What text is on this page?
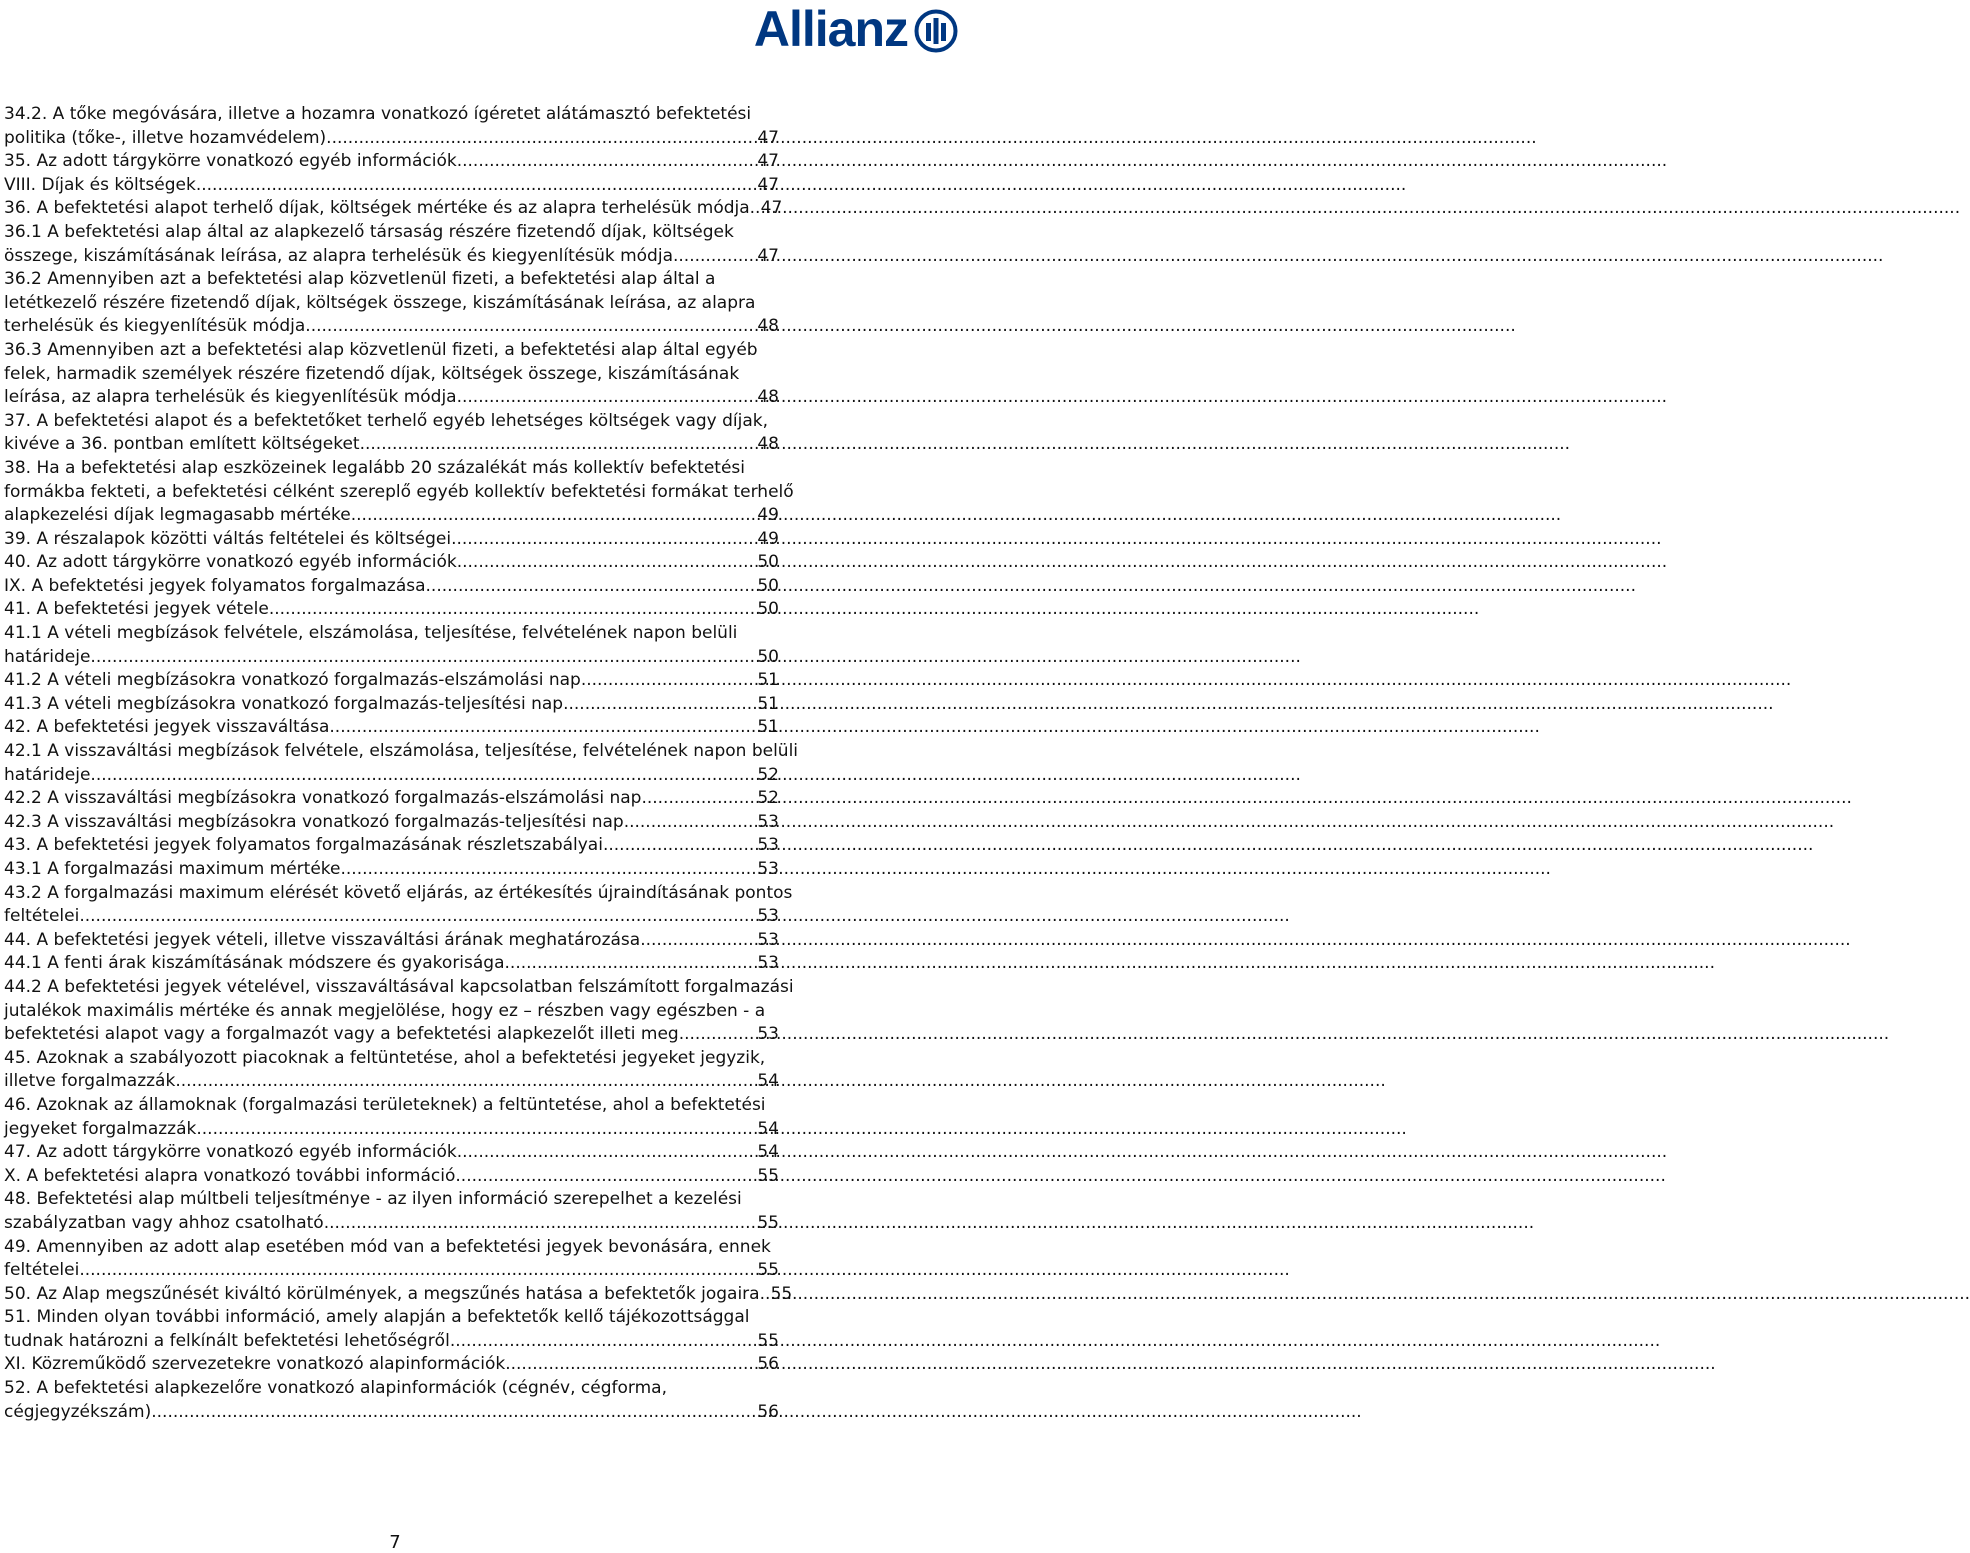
Allianz
34.2. A tőke megóvására, illetve a hozamra vonatkozó ígéretet alátámasztó befektetési
politika (tőke-, illetve hozamvédelem) .....	47
35. Az adott tárgykörre vonatkozó egyéb információk .....	47
VIII. Díjak és költségek .....	47
36. A befektetési alapot terhelő díjak, költségek mértéke és az alapra terhelésük módja ..... 47
36.1 A befektetési alap által az alapkezelő társaság részére fizetendő díjak, költségek
összege, kiszámításának leírása, az alapra terhelésük és kiegyenlítésük módja .....	47
36.2 Amennyiben azt a befektetési alap közvetlenül fizeti, a befektetési alap által a
letétkezelő részére fizetendő díjak, költségek összege, kiszámításának leírása, az alapra
terhelésük és kiegyenlítésük módja .....	48
36.3 Amennyiben azt a befektetési alap közvetlenül fizeti, a befektetési alap által egyéb
felek, harmadik személyek részére fizetendő díjak, költségek összege, kiszámításának
leírása, az alapra terhelésük és kiegyenlítésük módja .....	48
37. A befektetési alapot és a befektetőket terhelő egyéb lehetséges költségek vagy díjak,
kivéve a 36. pontban említett költségeket .....	48
38. Ha a befektetési alap eszközeinek legalább 20 százalékát más kollektív befektetési
formákba fekteti, a befektetési célként szereplő egyéb kollektív befektetési formákat terhelő
alapkezelési díjak legmagasabb mértéke .....	49
39. A részalapok közötti váltás feltételei és költségei .....	49
40. Az adott tárgykörre vonatkozó egyéb információk .....	50
IX. A befektetési jegyek folyamatos forgalmazása .....	50
41. A befektetési jegyek vétele .....	50
41.1 A vételi megbízások felvétele, elszámolása, teljesítése, felvételének napon belüli
határideje .....	50
41.2 A vételi megbízásokra vonatkozó forgalmazás-elszámolási nap .....	51
41.3 A vételi megbízásokra vonatkozó forgalmazás-teljesítési nap .....	51
42. A befektetési jegyek visszaváltása .....	51
42.1 A visszaváltási megbízások felvétele, elszámolása, teljesítése, felvételének napon belüli
határideje .....	52
42.2 A visszaváltási megbízásokra vonatkozó forgalmazás-elszámolási nap .....	52
42.3 A visszaváltási megbízásokra vonatkozó forgalmazás-teljesítési nap .....	53
43. A befektetési jegyek folyamatos forgalmazásának részletszabályai .....	53
43.1 A forgalmazási maximum mértéke .....	53
43.2 A forgalmazási maximum elérését követő eljárás, az értékesítés újraindításának pontos
feltételei .....	53
44. A befektetési jegyek vételi, illetve visszaváltási árának meghatározása .....	53
44.1 A fenti árak kiszámításának módszere és gyakorisága .....	53
44.2 A befektetési jegyek vételével, visszaváltásával kapcsolatban felszámított forgalmazási
jutalékok maximális mértéke és annak megjelölése, hogy ez – részben vagy egészben - a
befektetési alapot vagy a forgalmazót vagy a befektetési alapkezelőt illeti meg .....	53
45. Azoknak a szabályozott piacoknak a feltüntetése, ahol a befektetési jegyeket jegyzik,
illetve forgalmazzák .....	54
46. Azoknak az államoknak (forgalmazási területeknek) a feltüntetése, ahol a befektetési
jegyeket forgalmazzák .....	54
47. Az adott tárgykörre vonatkozó egyéb információk .....	54
X. A befektetési alapra vonatkozó további információ .....	55
48. Befektetési alap múltbeli teljesítménye - az ilyen információ szerepelhet a kezelési
szabályzatban vagy ahhoz csatolható .....	55
49. Amennyiben az adott alap esetében mód van a befektetési jegyek bevonására, ennek
feltételei .....	55
50. Az Alap megszűnését kiváltó körülmények, a megszűnés hatása a befektetők jogaira ..... 55
51. Minden olyan további információ, amely alapján a befektetők kellő tájékozottsággal
tudnak határozni a felkínált befektetési lehetőségről .....	55
XI. Közreműködő szervezetekre vonatkozó alapinformációk .....	56
52. A befektetési alapkezelőre vonatkozó alapinformációk (cégnév, cégforma,
cégjegyzékszám) .....	56
7
